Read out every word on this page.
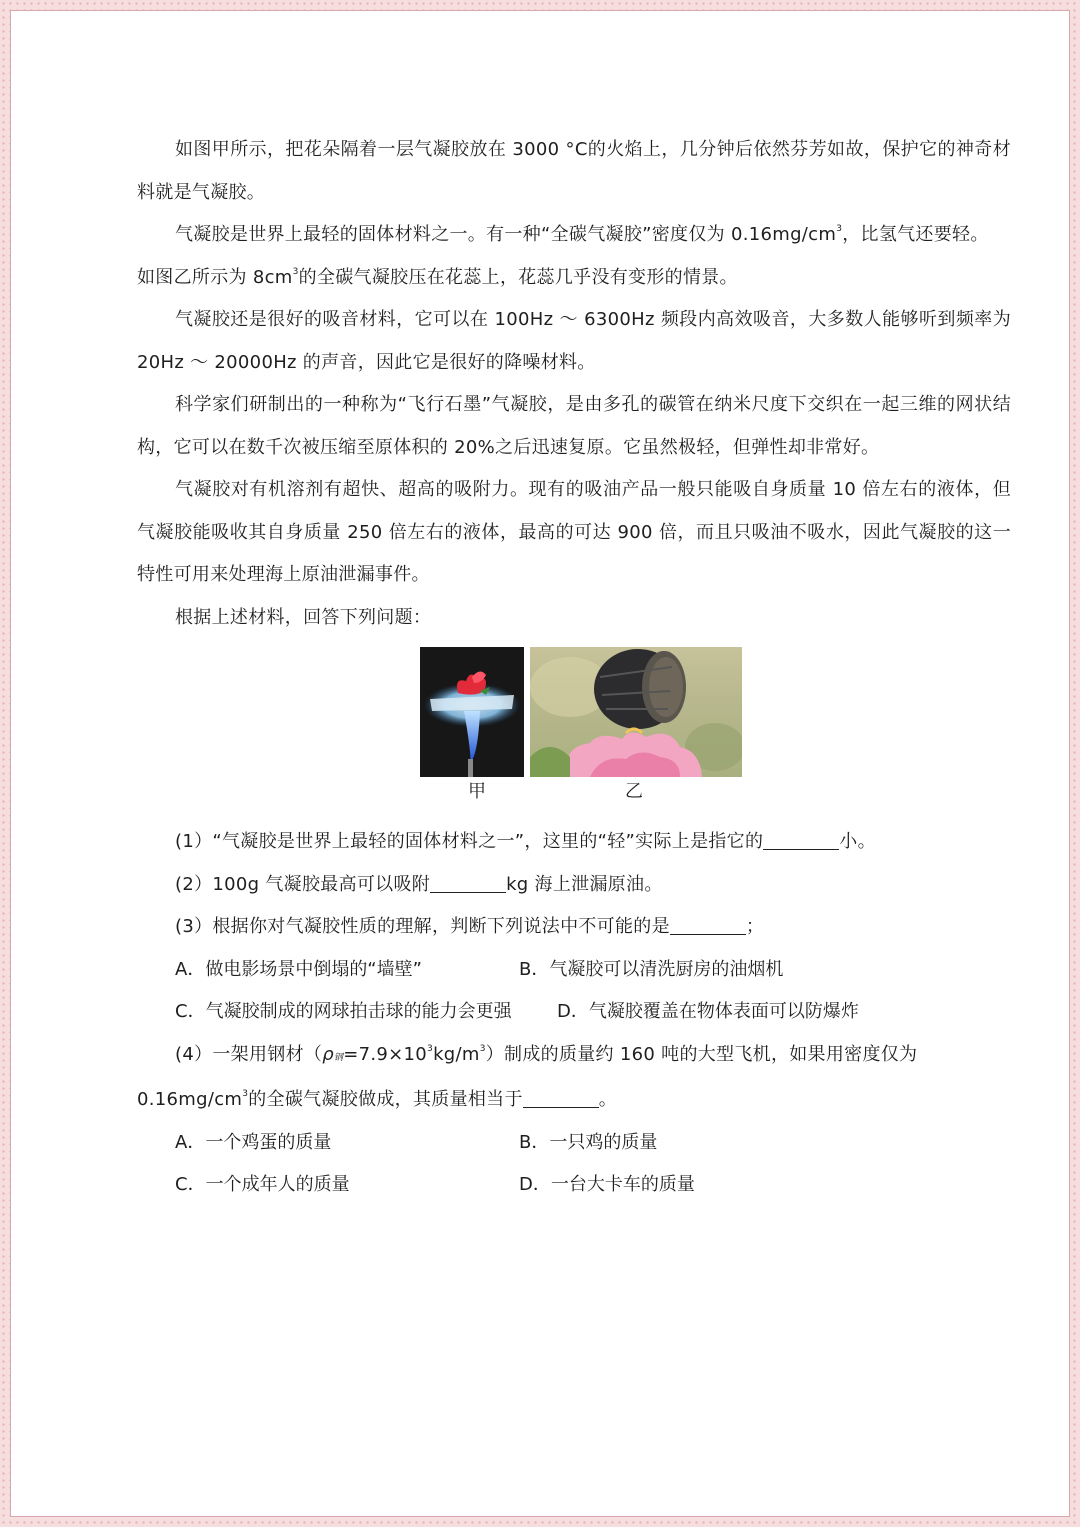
如图甲所示，把花朵隔着一层气凝胶放在 3000 °C的火焰上，几分钟后依然芬芳如故，保护它的神奇材料就是气凝胶。

气凝胶是世界上最轻的固体材料之一。有一种“全碳气凝胶”密度仅为 $0.16mg/cm^3$，比氢气还要轻。

如图乙所示为 $8cm^3$的全碳气凝胶压在花蕊上，花蕊几乎没有变形的情景。

气凝胶还是很好的吸音材料，它可以在 100Hz ～ 6300Hz 频段内高效吸音，大多数人能够听到频率为 20Hz ～ 20000Hz 的声音，因此它是很好的降噪材料。

科学家们研制出的一种称为“飞行石墨”气凝胶，是由多孔的碳管在纳米尺度下交织在一起三维的网状结构，它可以在数千次被压缩至原体积的 20%之后迅速复原。它虽然极轻，但弹性却非常好。

气凝胶对有机溶剂有超快、超高的吸附力。现有的吸油产品一般只能吸自身质量 10 倍左右的液体，但气凝胶能吸收其自身质量 250 倍左右的液体，最高的可达 900 倍，而且只吸油不吸水，因此气凝胶的这一特性可用来处理海上原油泄漏事件。

根据上述材料，回答下列问题：

甲	乙

(1）“气凝胶是世界上最轻的固体材料之一”，这里的“轻”实际上是指它的	小。

(2）100g 气凝胶最高可以吸附	kg 海上泄漏原油。

(3）根据你对气凝胶性质的理解，判断下列说法中不可能的是	；

A．做电影场景中倒塌的“墙壁”	B．气凝胶可以清洗厨房的油烟机
C．气凝胶制成的网球拍击球的能力会更强	D．气凝胶覆盖在物体表面可以防爆炸

(4）一架用钢材（ρ钢$=7.9\times 10^3kg/m^3$）制成的质量约 160 吨的大型飞机，如果用密度仅为

$0.16mg/cm^3$的全碳气凝胶做成，其质量相当于	。

A．一个鸡蛋的质量	B．一只鸡的质量
C．一个成年人的质量	D．一台大卡车的质量
